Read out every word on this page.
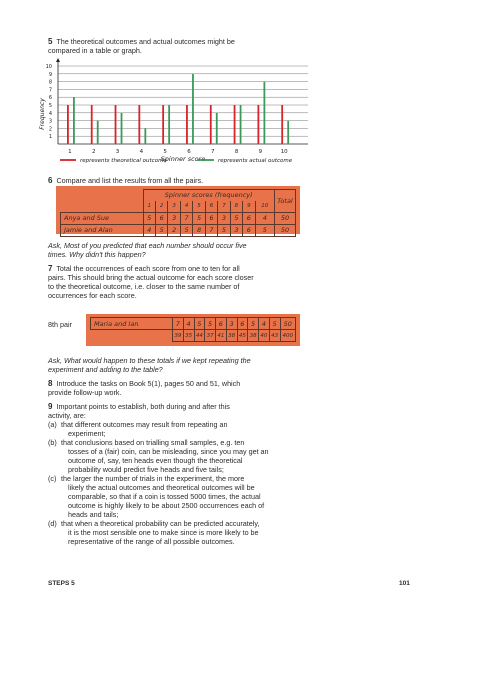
5 The theoretical outcomes and actual outcomes might be

compared in a table or graph.

1
2
3
4
5
6
7
8
9
10
Frequency
1	2	3	4	5	6	7	8	9	10
Spinner score
represents theoretical outcome	represents actual outcome

6 Compare and list the results from all the pairs.

	Spinner scores (frequency)										Total
	1	2	3	4	5	6	7	8	9	10	
Anya and Sue	5	6	3	7	5	6	3	5	6	4	50
Jamie and Alan	4	5	2	5	8	7	5	3	6	5	50

Ask, Most of you predicted that each number should occur five

times. Why didn't this happen?

7 Total the occurrences of each score from one to ten for all

pairs. This should bring the actual outcome for each score closer

to the theoretical outcome, i.e. closer to the same number of

occurrences for each score.

8th pair	Maria and Ian	7	4	5	5	6	3	6	5	4	5	50
	39	35	44	37	41	38	45	38	40	43	400

Ask, What would happen to these totals if we kept repeating the

experiment and adding to the table?

8 Introduce the tasks on Book 5(1), pages 50 and 51, which

provide follow-up work.

9 Important points to establish, both during and after this

activity, are:

(a) that different outcomes may result from repeating an

experiment;

(b) that conclusions based on trialling small samples, e.g. ten

tosses of a (fair) coin, can be misleading, since you may get an

outcome of, say, ten heads even though the theoretical

probability would predict five heads and five tails;

(c) the larger the number of trials in the experiment, the more

likely the actual outcomes and theoretical outcomes will be

comparable, so that if a coin is tossed 5000 times, the actual

outcome is highly likely to be about 2500 occurrences each of

heads and tails;

(d) that when a theoretical probability can be predicted accurately,

it is the most sensible one to make since is more likely to be

representative of the range of all possible outcomes.

STEPS 5	101
